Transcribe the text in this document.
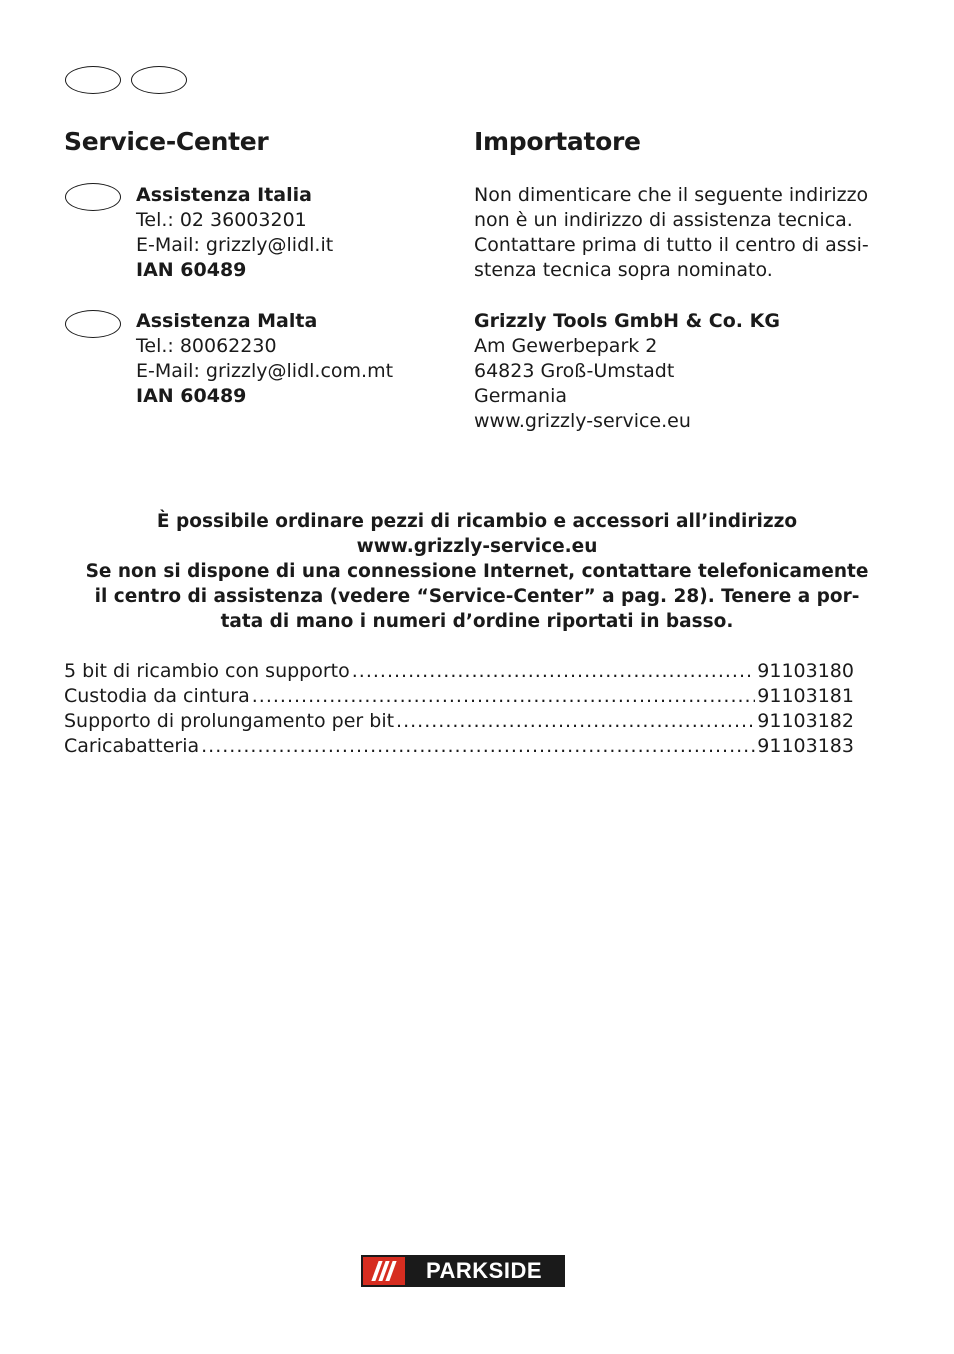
Service-Center	Importatore
Assistenza Italia
Tel.: 02 36003201
E-Mail: grizzly@lidl.it
IAN 60489
Assistenza Malta
Tel.: 80062230
E-Mail: grizzly@lidl.com.mt
IAN 60489
Non dimenticare che il seguente indirizzo
non è un indirizzo di assistenza tecnica.
Contattare prima di tutto il centro di assi-
stenza tecnica sopra nominato.
Grizzly Tools GmbH & Co. KG
Am Gewerbepark 2
64823 Groß-Umstadt
Germania
www.grizzly-service.eu
È possibile ordinare pezzi di ricambio e accessori all’indirizzo
www.grizzly-service.eu
Se non si dispone di una connessione Internet, contattare telefonicamente
il centro di assistenza (vedere “Service-Center” a pag. 28). Tenere a por-
tata di mano i numeri d’ordine riportati in basso.
5 bit di ricambio con supporto .....	91103180
Custodia da cintura .....	91103181
Supporto di prolungamento per bit .....	91103182
Caricabatteria .....	91103183
PARKSIDE
